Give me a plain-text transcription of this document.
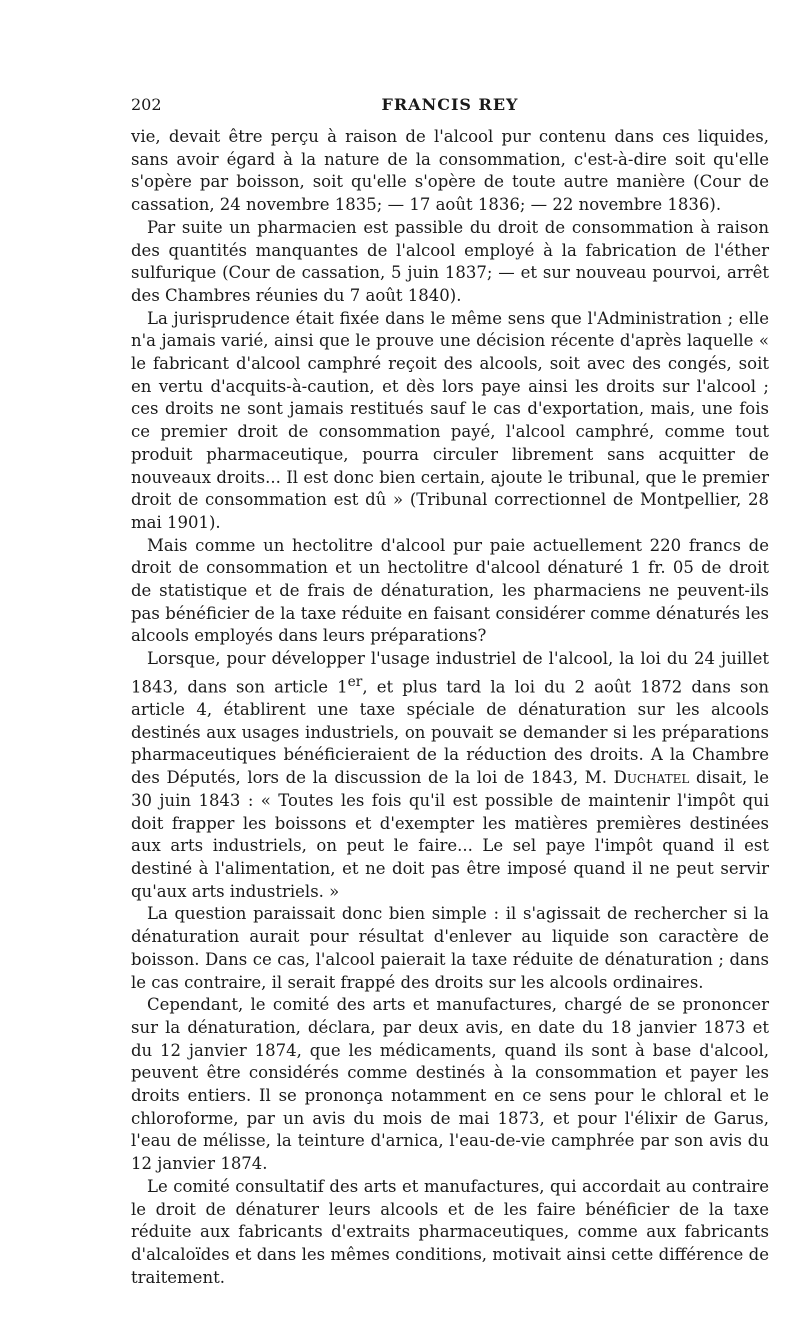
202	FRANCIS REY

vie, devait être perçu à raison de l'alcool pur contenu dans ces liquides, sans avoir égard à la nature de la consommation, c'est-à-dire soit qu'elle s'opère par boisson, soit qu'elle s'opère de toute autre manière (Cour de cassation, 24 novembre 1835; — 17 août 1836; — 22 novembre 1836).

Par suite un pharmacien est passible du droit de consommation à raison des quantités manquantes de l'alcool employé à la fabrication de l'éther sulfurique (Cour de cassation, 5 juin 1837; — et sur nouveau pourvoi, arrêt des Chambres réunies du 7 août 1840).

La jurisprudence était fixée dans le même sens que l'Administration ; elle n'a jamais varié, ainsi que le prouve une décision récente d'après laquelle « le fabricant d'alcool camphré reçoit des alcools, soit avec des congés, soit en vertu d'acquits-à-caution, et dès lors paye ainsi les droits sur l'alcool ; ces droits ne sont jamais restitués sauf le cas d'exportation, mais, une fois ce premier droit de consommation payé, l'alcool camphré, comme tout produit pharmaceutique, pourra circuler librement sans acquitter de nouveaux droits... Il est donc bien certain, ajoute le tribunal, que le premier droit de consommation est dû » (Tribunal correctionnel de Montpellier, 28 mai 1901).

Mais comme un hectolitre d'alcool pur paie actuellement 220 francs de droit de consommation et un hectolitre d'alcool dénaturé 1 fr. 05 de droit de statistique et de frais de dénaturation, les pharmaciens ne peuvent-ils pas bénéficier de la taxe réduite en faisant considérer comme dénaturés les alcools employés dans leurs préparations?

Lorsque, pour développer l'usage industriel de l'alcool, la loi du 24 juillet 1843, dans son article 1er, et plus tard la loi du 2 août 1872 dans son article 4, établirent une taxe spéciale de dénaturation sur les alcools destinés aux usages industriels, on pouvait se demander si les préparations pharmaceutiques bénéficieraient de la réduction des droits. A la Chambre des Députés, lors de la discussion de la loi de 1843, M. Duchatel disait, le 30 juin 1843 : « Toutes les fois qu'il est possible de maintenir l'impôt qui doit frapper les boissons et d'exempter les matières premières destinées aux arts industriels, on peut le faire... Le sel paye l'impôt quand il est destiné à l'alimentation, et ne doit pas être imposé quand il ne peut servir qu'aux arts industriels. »

La question paraissait donc bien simple : il s'agissait de rechercher si la dénaturation aurait pour résultat d'enlever au liquide son caractère de boisson. Dans ce cas, l'alcool paierait la taxe réduite de dénaturation ; dans le cas contraire, il serait frappé des droits sur les alcools ordinaires.

Cependant, le comité des arts et manufactures, chargé de se prononcer sur la dénaturation, déclara, par deux avis, en date du 18 janvier 1873 et du 12 janvier 1874, que les médicaments, quand ils sont à base d'alcool, peuvent être considérés comme destinés à la consommation et payer les droits entiers. Il se prononça notamment en ce sens pour le chloral et le chloroforme, par un avis du mois de mai 1873, et pour l'élixir de Garus, l'eau de mélisse, la teinture d'arnica, l'eau-de-vie camphrée par son avis du 12 janvier 1874.

Le comité consultatif des arts et manufactures, qui accordait au contraire le droit de dénaturer leurs alcools et de les faire bénéficier de la taxe réduite aux fabricants d'extraits pharmaceutiques, comme aux fabricants d'alcaloïdes et dans les mêmes conditions, motivait ainsi cette différence de traitement.
